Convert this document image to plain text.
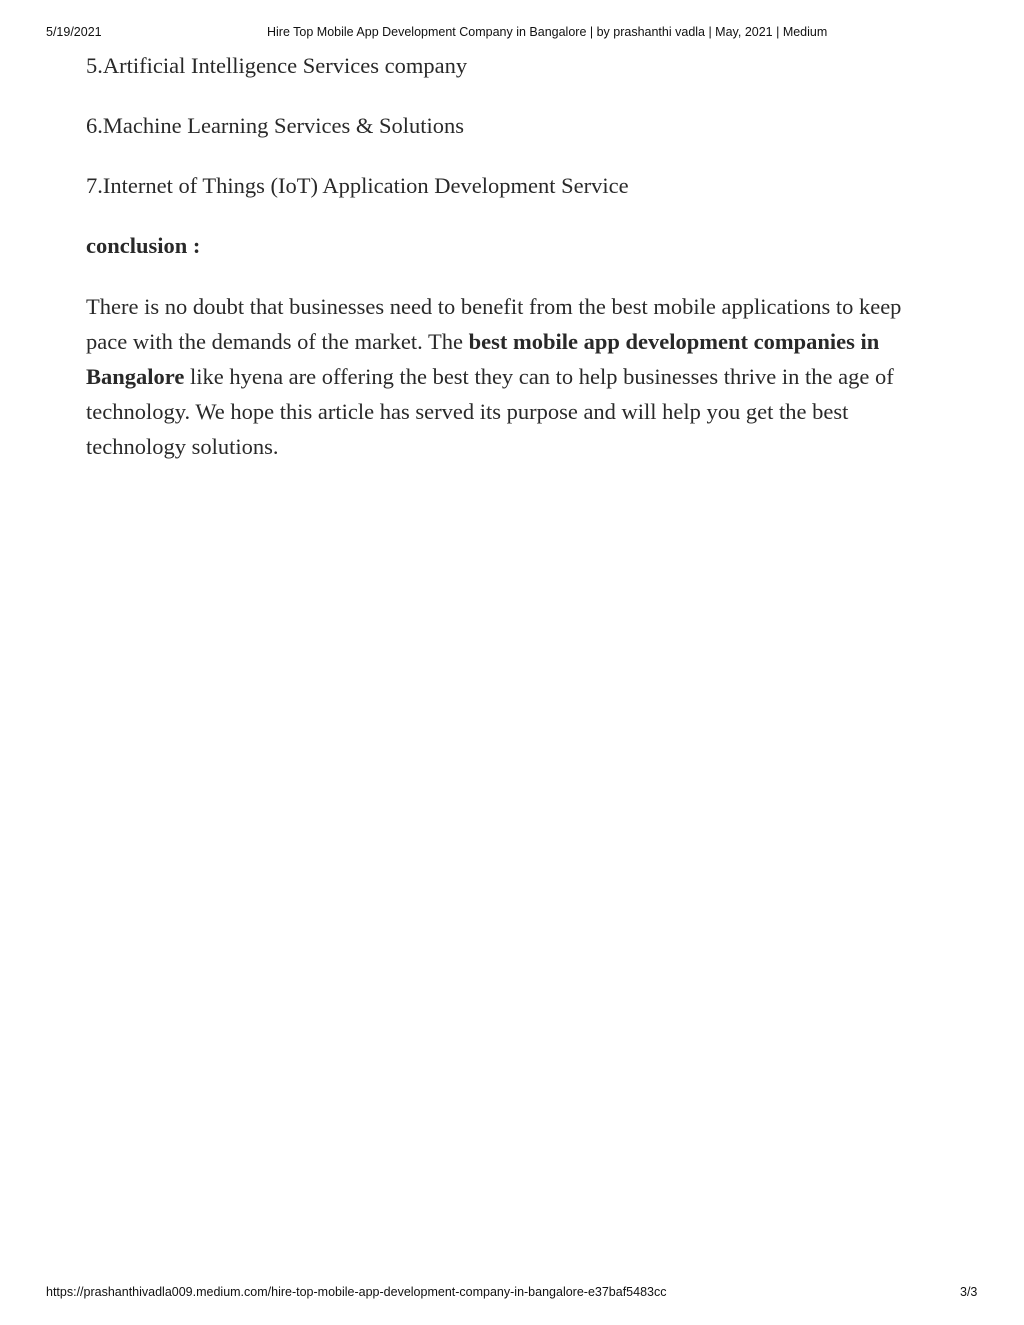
5/19/2021	Hire Top Mobile App Development Company in Bangalore | by prashanthi vadla | May, 2021 | Medium

5.Artificial Intelligence Services company

6.Machine Learning Services & Solutions

7.Internet of Things (IoT) Application Development Service

conclusion :

There is no doubt that businesses need to benefit from the best mobile applications to keep pace with the demands of the market. The best mobile app development companies in Bangalore like hyena are offering the best they can to help businesses thrive in the age of technology. We hope this article has served its purpose and will help you get the best technology solutions.

https://prashanthivadla009.medium.com/hire-top-mobile-app-development-company-in-bangalore-e37baf5483cc	3/3
